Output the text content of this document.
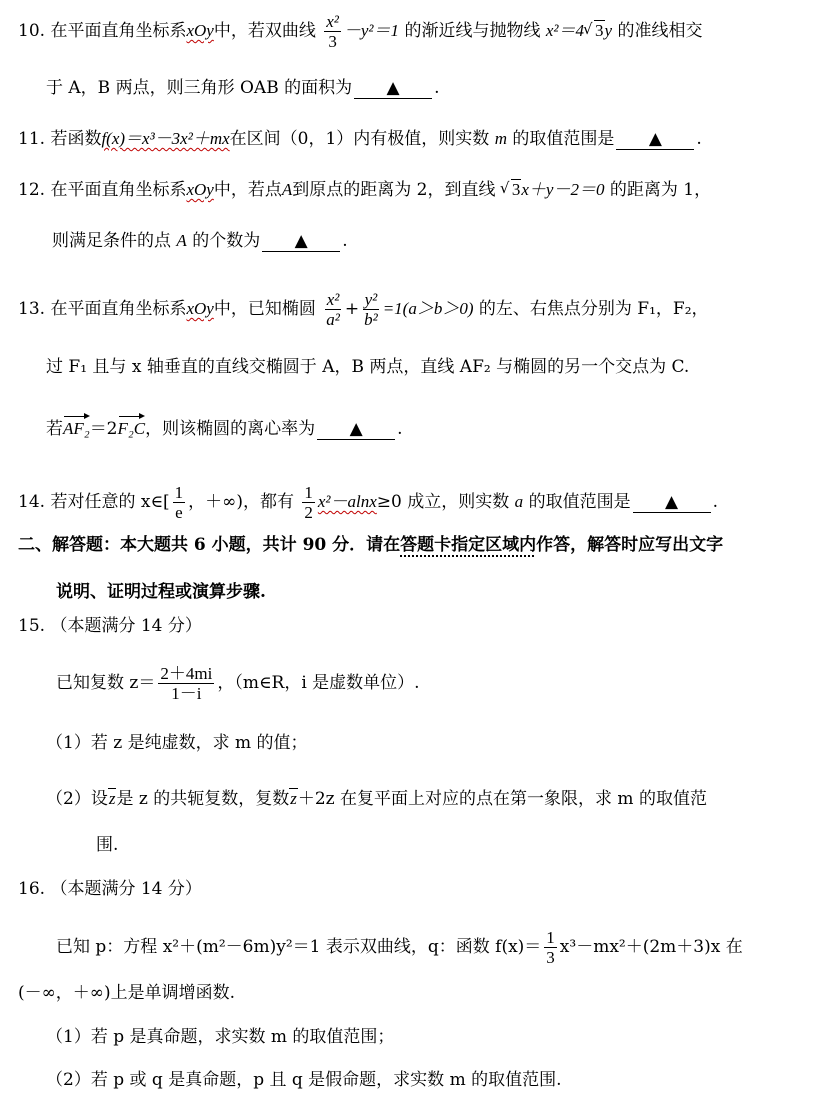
10. 在平面直角坐标系xOy中，若双曲线 $\frac{\text{x²}}{3} -y^2=1$ 的渐近线与抛物线 x²＝4 √ 3y 的准线相交
于 A，B 两点，则三角形 OAB 的面积为 ▲ .
11. 若函数f(x)＝x³－3x²＋mx在区间（0，1）内有极值，则实数 m 的取值范围是 ▲ .
12. 在平面直角坐标系xOy中，若点A到原点的距离为 2，到直线 √ 3x＋y－2＝0 的距离为 1，
则满足条件的点 A 的个数为 ▲ .
13. 在平面直角坐标系xOy中，已知椭圆 $\frac{\text{x²}}{\text{a²}} + \frac{\text{y²}}{\text{b²}} =1(a>b>0)$ 的左、右焦点分别为 F₁，F₂，
过 F₁ 且与 x 轴垂直的直线交椭圆于 A，B 两点，直线 AF₂ 与椭圆的另一个交点为 C.
若AF₂＝2F₂C，则该椭圆的离心率为 ▲ .
14. 若对任意的 x∈[ $\frac{1}{e}$ ，＋∞)，都有 $\frac{1}{2} x^2-alnx\ge 0$ 成立，则实数 a 的取值范围是 ▲ .
二、解答题：本大题共 6 小题，共计 90 分．请在答题卡指定区域内作答，解答时应写出文字
说明、证明过程或演算步骤.
15. （本题满分 14 分）
已知复数 $z= \frac{2+4mi}{1-i}$ ，（m∈R，i 是虚数单位）.
（1）若 z 是纯虚数，求 m 的值；
（2）设z是 z 的共轭复数，复数z＋2z 在复平面上对应的点在第一象限，求 m 的取值范
围.
16. （本题满分 14 分）
已知 p：方程 x²＋(m²－6m)y²＝1 表示双曲线，q：函数 $f(x)= \frac{1}{3} x^3-mx^2+(2m+3)x$ 在
(－∞，＋∞)上是单调增函数.
（1）若 p 是真命题，求实数 m 的取值范围；
（2）若 p 或 q 是真命题，p 且 q 是假命题，求实数 m 的取值范围.
